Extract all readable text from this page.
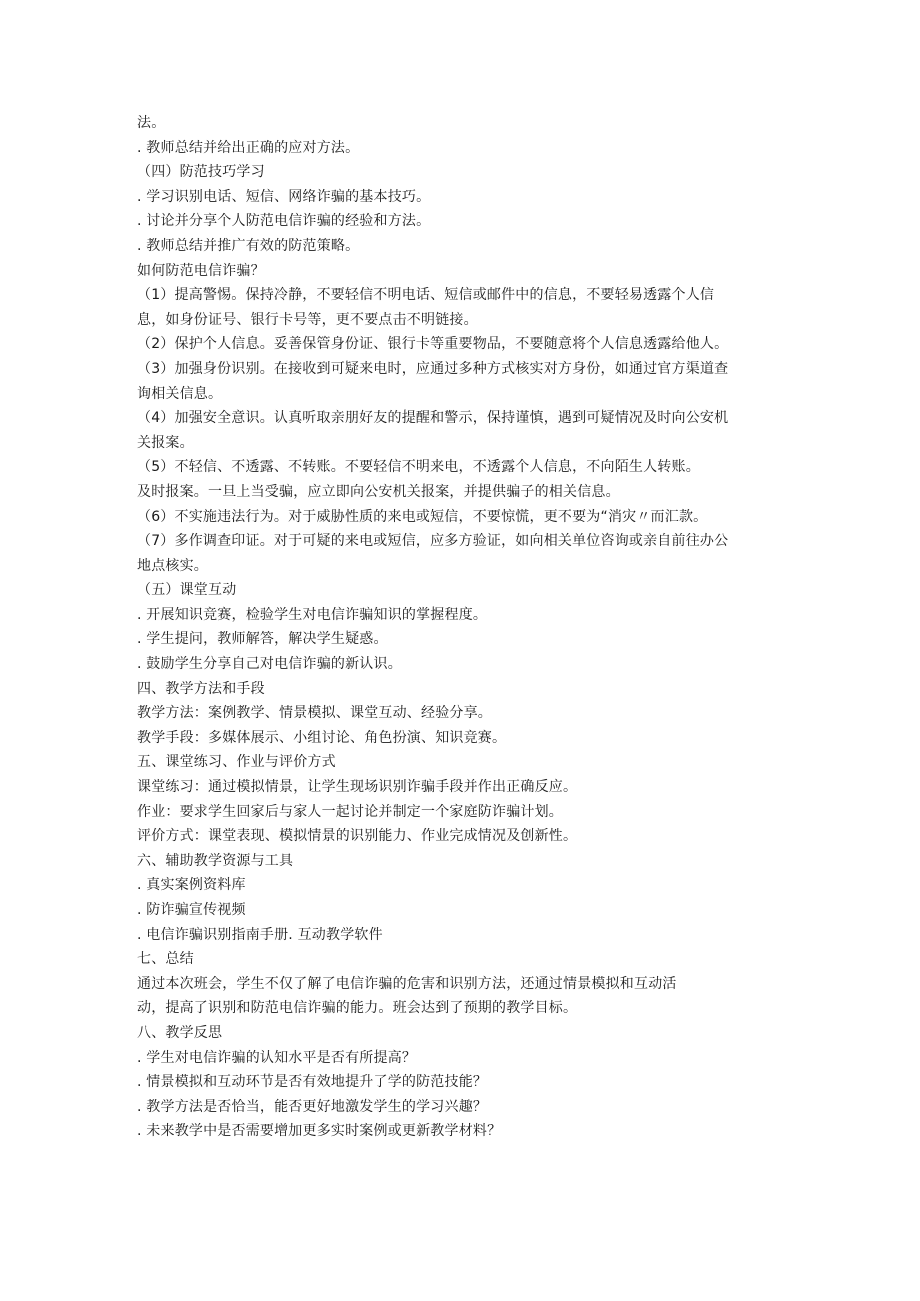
法。
. 教师总结并给出正确的应对方法。
（四）防范技巧学习
. 学习识别电话、短信、网络诈骗的基本技巧。
. 讨论并分享个人防范电信诈骗的经验和方法。
. 教师总结并推广有效的防范策略。
如何防范电信诈骗？
（1）提高警惕。保持冷静，不要轻信不明电话、短信或邮件中的信息，不要轻易透露个人信
息，如身份证号、银行卡号等，更不要点击不明链接。
（2）保护个人信息。妥善保管身份证、银行卡等重要物品，不要随意将个人信息透露给他人。
（3）加强身份识别。在接收到可疑来电时，应通过多种方式核实对方身份，如通过官方渠道查
询相关信息。
（4）加强安全意识。认真听取亲朋好友的提醒和警示，保持谨慎，遇到可疑情况及时向公安机
关报案。
（5）不轻信、不透露、不转账。不要轻信不明来电，不透露个人信息，不向陌生人转账。
及时报案。一旦上当受骗，应立即向公安机关报案，并提供骗子的相关信息。
（6）不实施违法行为。对于威胁性质的来电或短信，不要惊慌，更不要为“消灾〃而汇款。
（7）多作调查印证。对于可疑的来电或短信，应多方验证，如向相关单位咨询或亲自前往办公
地点核实。
（五）课堂互动
. 开展知识竞赛，检验学生对电信诈骗知识的掌握程度。
. 学生提问，教师解答，解决学生疑惑。
. 鼓励学生分享自己对电信诈骗的新认识。
四、教学方法和手段
教学方法：案例教学、情景模拟、课堂互动、经验分享。
教学手段：多媒体展示、小组讨论、角色扮演、知识竞赛。
五、课堂练习、作业与评价方式
课堂练习：通过模拟情景，让学生现场识别诈骗手段并作出正确反应。
作业：要求学生回家后与家人一起讨论并制定一个家庭防诈骗计划。
评价方式：课堂表现、模拟情景的识别能力、作业完成情况及创新性。
六、辅助教学资源与工具
. 真实案例资料库
. 防诈骗宣传视频
. 电信诈骗识别指南手册. 互动教学软件
七、总结
通过本次班会，学生不仅了解了电信诈骗的危害和识别方法，还通过情景模拟和互动活
动，提高了识别和防范电信诈骗的能力。班会达到了预期的教学目标。
八、教学反思
. 学生对电信诈骗的认知水平是否有所提高？
. 情景模拟和互动环节是否有效地提升了学的防范技能？
. 教学方法是否恰当，能否更好地激发学生的学习兴趣？
. 未来教学中是否需要增加更多实时案例或更新教学材料？
